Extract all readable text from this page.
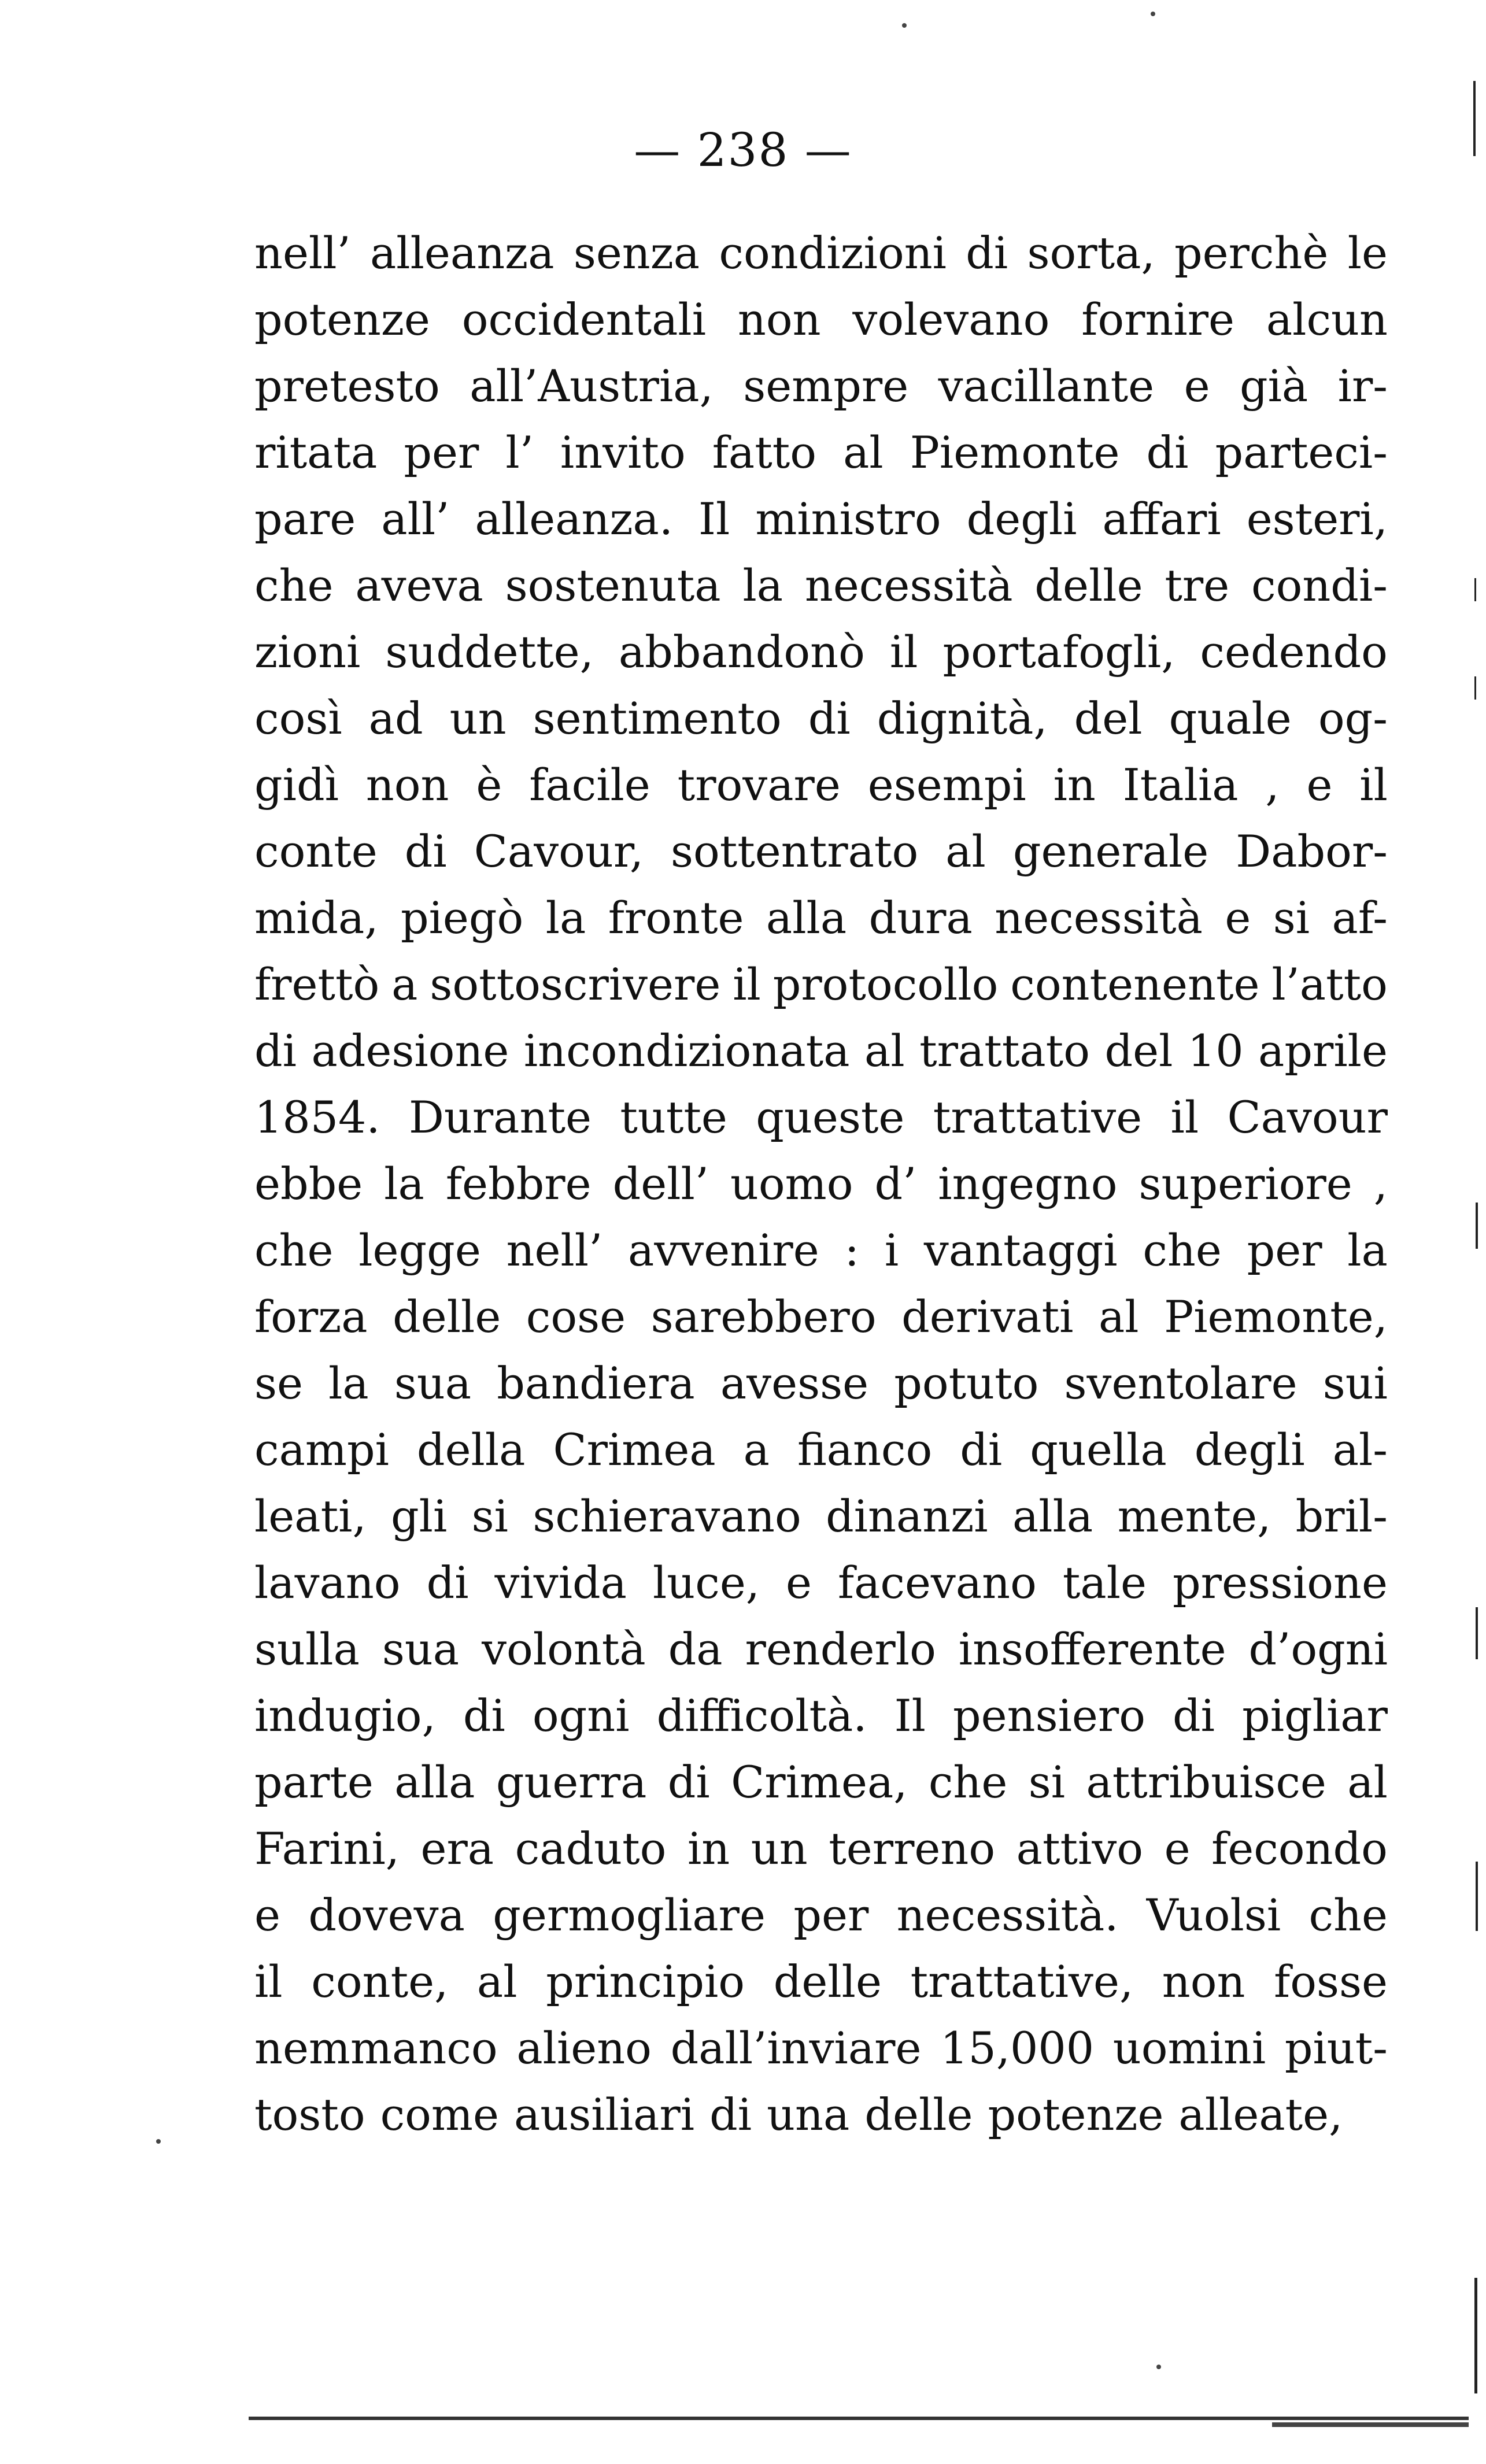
— 238 —
nell’ alleanza senza condizioni di sorta, perchè le
potenze occidentali non volevano fornire alcun
pretesto all’Austria, sempre vacillante e già ir-
ritata per l’ invito fatto al Piemonte di parteci-
pare all’ alleanza. Il ministro degli affari esteri,
che aveva sostenuta la necessità delle tre condi-
zioni suddette, abbandonò il portafogli, cedendo
così ad un sentimento di dignità, del quale og-
gidì non è facile trovare esempi in Italia , e il
conte di Cavour, sottentrato al generale Dabor-
mida, piegò la fronte alla dura necessità e si af-
frettò a sottoscrivere il protocollo contenente l’atto
di adesione incondizionata al trattato del 10 aprile
1854. Durante tutte queste trattative il Cavour
ebbe la febbre dell’ uomo d’ ingegno superiore ,
che legge nell’ avvenire : i vantaggi che per la
forza delle cose sarebbero derivati al Piemonte,
se la sua bandiera avesse potuto sventolare sui
campi della Crimea a fianco di quella degli al-
leati, gli si schieravano dinanzi alla mente, bril-
lavano di vivida luce, e facevano tale pressione
sulla sua volontà da renderlo insofferente d’ogni
indugio, di ogni difficoltà. Il pensiero di pigliar
parte alla guerra di Crimea, che si attribuisce al
Farini, era caduto in un terreno attivo e fecondo
e doveva germogliare per necessità. Vuolsi che
il conte, al principio delle trattative, non fosse
nemmanco alieno dall’inviare 15,000 uomini piut-
tosto come ausiliari di una delle potenze alleate,
